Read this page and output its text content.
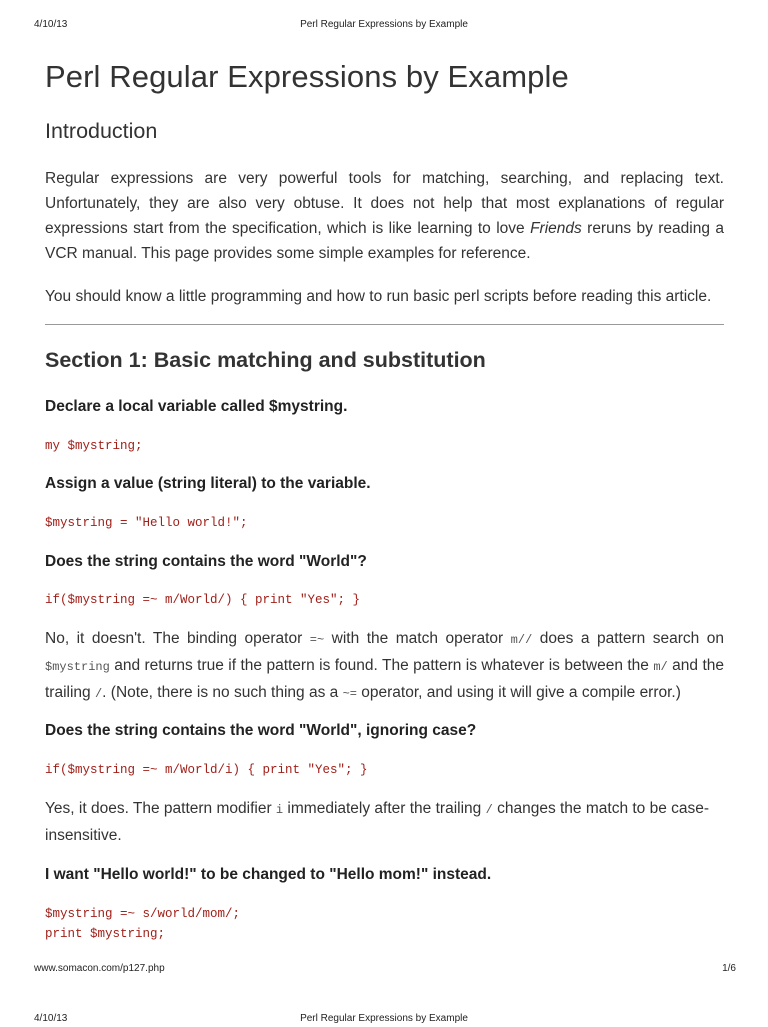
4/10/13	Perl Regular Expressions by Example
Perl Regular Expressions by Example
Introduction

Regular expressions are very powerful tools for matching, searching, and replacing text. Unfortunately, they are also very obtuse. It does not help that most explanations of regular expressions start from the specification, which is like learning to love Friends reruns by reading a VCR manual. This page provides some simple examples for reference.

You should know a little programming and how to run basic perl scripts before reading this article.

Section 1: Basic matching and substitution
Declare a local variable called $mystring.
my $mystring;
Assign a value (string literal) to the variable.
$mystring = "Hello world!";
Does the string contains the word "World"?
if($mystring =~ m/World/) { print "Yes"; }

No, it doesn't. The binding operator =~ with the match operator m// does a pattern search on $mystring and returns true if the pattern is found. The pattern is whatever is between the m/ and the trailing /. (Note, there is no such thing as a ~= operator, and using it will give a compile error.)

Does the string contains the word "World", ignoring case?
if($mystring =~ m/World/i) { print "Yes"; }

Yes, it does. The pattern modifier i immediately after the trailing / changes the match to be case-insensitive.

I want "Hello world!" to be changed to "Hello mom!" instead.
$mystring =~ s/world/mom/;
print $mystring;
www.somacon.com/p127.php	1/6
4/10/13	Perl Regular Expressions by Example
